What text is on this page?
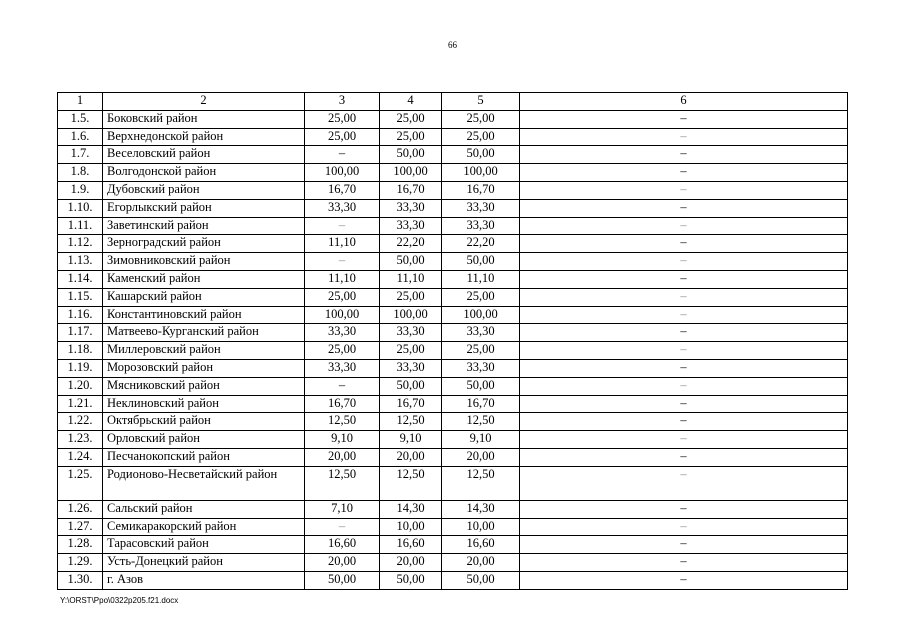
66
1	2	3	4	5	6
1.5.	Боковский район	25,00	25,00	25,00	–
1.6.	Верхнедонской район	25,00	25,00	25,00	–
1.7.	Веселовский район	–	50,00	50,00	–
1.8.	Волгодонской район	100,00	100,00	100,00	–
1.9.	Дубовский район	16,70	16,70	16,70	–
1.10.	Егорлыкский район	33,30	33,30	33,30	–
1.11.	Заветинский район	–	33,30	33,30	–
1.12.	Зерноградский район	11,10	22,20	22,20	–
1.13.	Зимовниковский район	–	50,00	50,00	–
1.14.	Каменский район	11,10	11,10	11,10	–
1.15.	Кашарский район	25,00	25,00	25,00	–
1.16.	Константиновский район	100,00	100,00	100,00	–
1.17.	Матвеево-Курганский район	33,30	33,30	33,30	–
1.18.	Миллеровский район	25,00	25,00	25,00	–
1.19.	Морозовский район	33,30	33,30	33,30	–
1.20.	Мясниковский район	–	50,00	50,00	–
1.21.	Неклиновский район	16,70	16,70	16,70	–
1.22.	Октябрьский район	12,50	12,50	12,50	–
1.23.	Орловский район	9,10	9,10	9,10	–
1.24.	Песчанокопский район	20,00	20,00	20,00	–
1.25.	Родионово-Несветайский район	12,50	12,50	12,50	–
1.26.	Сальский район	7,10	14,30	14,30	–
1.27.	Семикаракорский район	–	10,00	10,00	–
1.28.	Тарасовский район	16,60	16,60	16,60	–
1.29.	Усть-Донецкий район	20,00	20,00	20,00	–
1.30.	г. Азов	50,00	50,00	50,00	–
Y:\ORST\Ppo\0322p205.f21.docx
